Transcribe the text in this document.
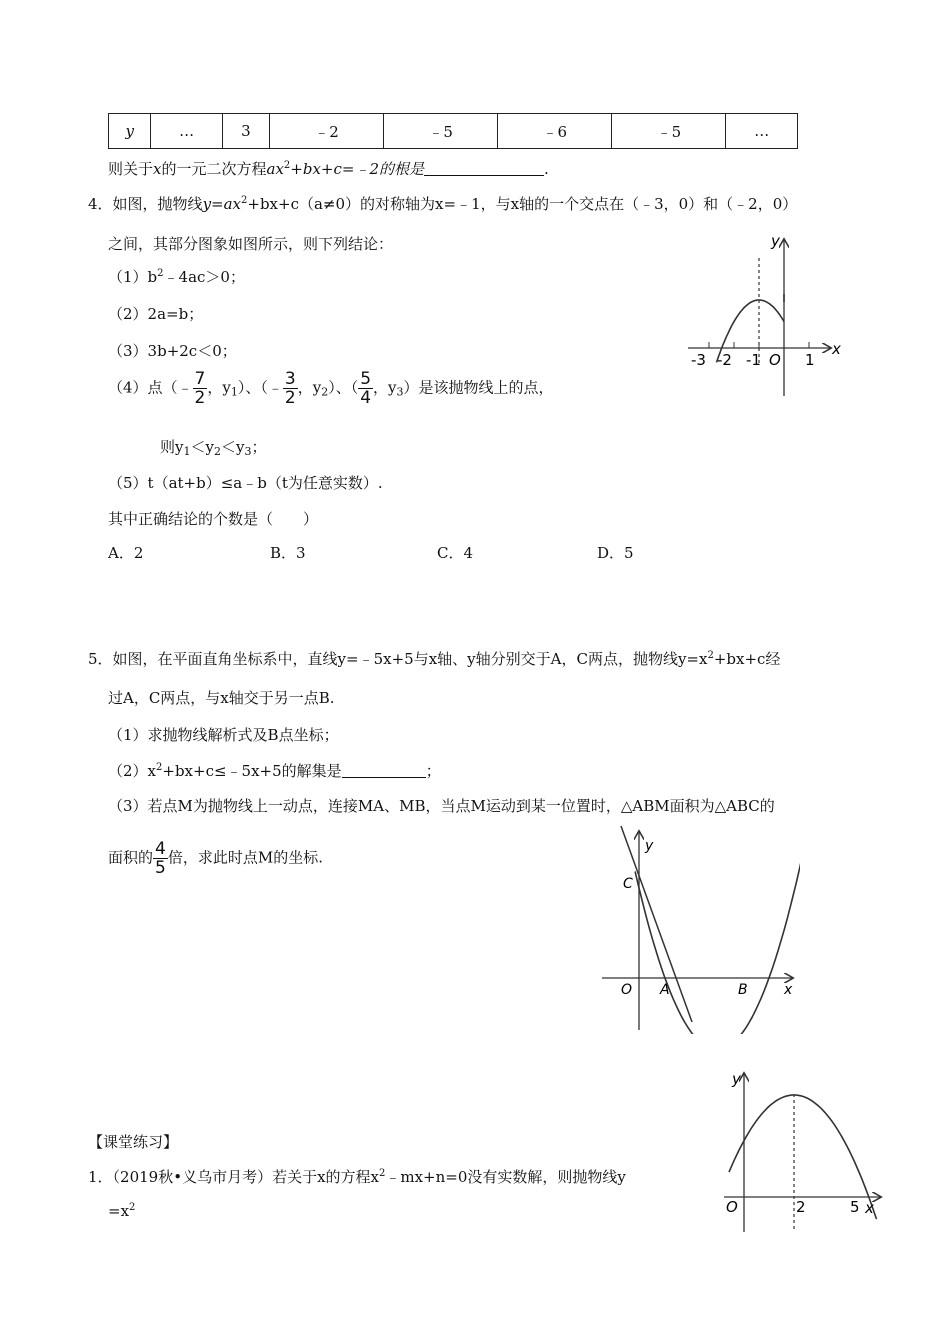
y	…	3	﹣2	﹣5	﹣6	﹣5	…
则关于x的一元二次方程$ax^2+bx+c=﹣2$的根是	.
4．如图，抛物线$y=ax^2+bx+c(a\ne 0)$的对称轴为x=﹣1，与x轴的一个交点在（﹣3，0）和（﹣2，0）
之间，其部分图象如图所示，则下列结论：
$(1)b^2﹣4ac>0$；
（2）2a=b；
（3）3b+2c＜0；
（4）点（﹣ $\frac{7}{2}$ ，$y_1$）、（﹣ $\frac{3}{2}$ ，$y_2$）、（ $\frac{5}{4}$ ，$y_3$）是该抛物线上的点，
则$y_1<y_2<y_3$；
（5）t（at+b）≤a﹣b（t为任意实数）.
其中正确结论的个数是（　　）
A．2	B．3	C．4	D．5
y
x
-3 -2 -1 O 1
5．如图，在平面直角坐标系中，直线y=﹣5x+5与x轴、y轴分别交于A，C两点，抛物线$y=x^2+bx+c$经
过A，C两点，与x轴交于另一点B.
（1）求抛物线解析式及B点坐标；
$(2)x^2+bx+c\le﹣5x+5$的解集是	；
（3）若点M为抛物线上一动点，连接MA、MB，当点M运动到某一位置时，△ABM面积为△ABC的
面积的 $\frac{4}{5}$ 倍，求此时点M的坐标.
y
C
O A	B	x
【课堂练习】
1．（2019秋•义乌市月考）若关于x的方程$x^2﹣mx+n=0$没有实数解，则抛物线y
$=x^2$
y
O	2	5 x
